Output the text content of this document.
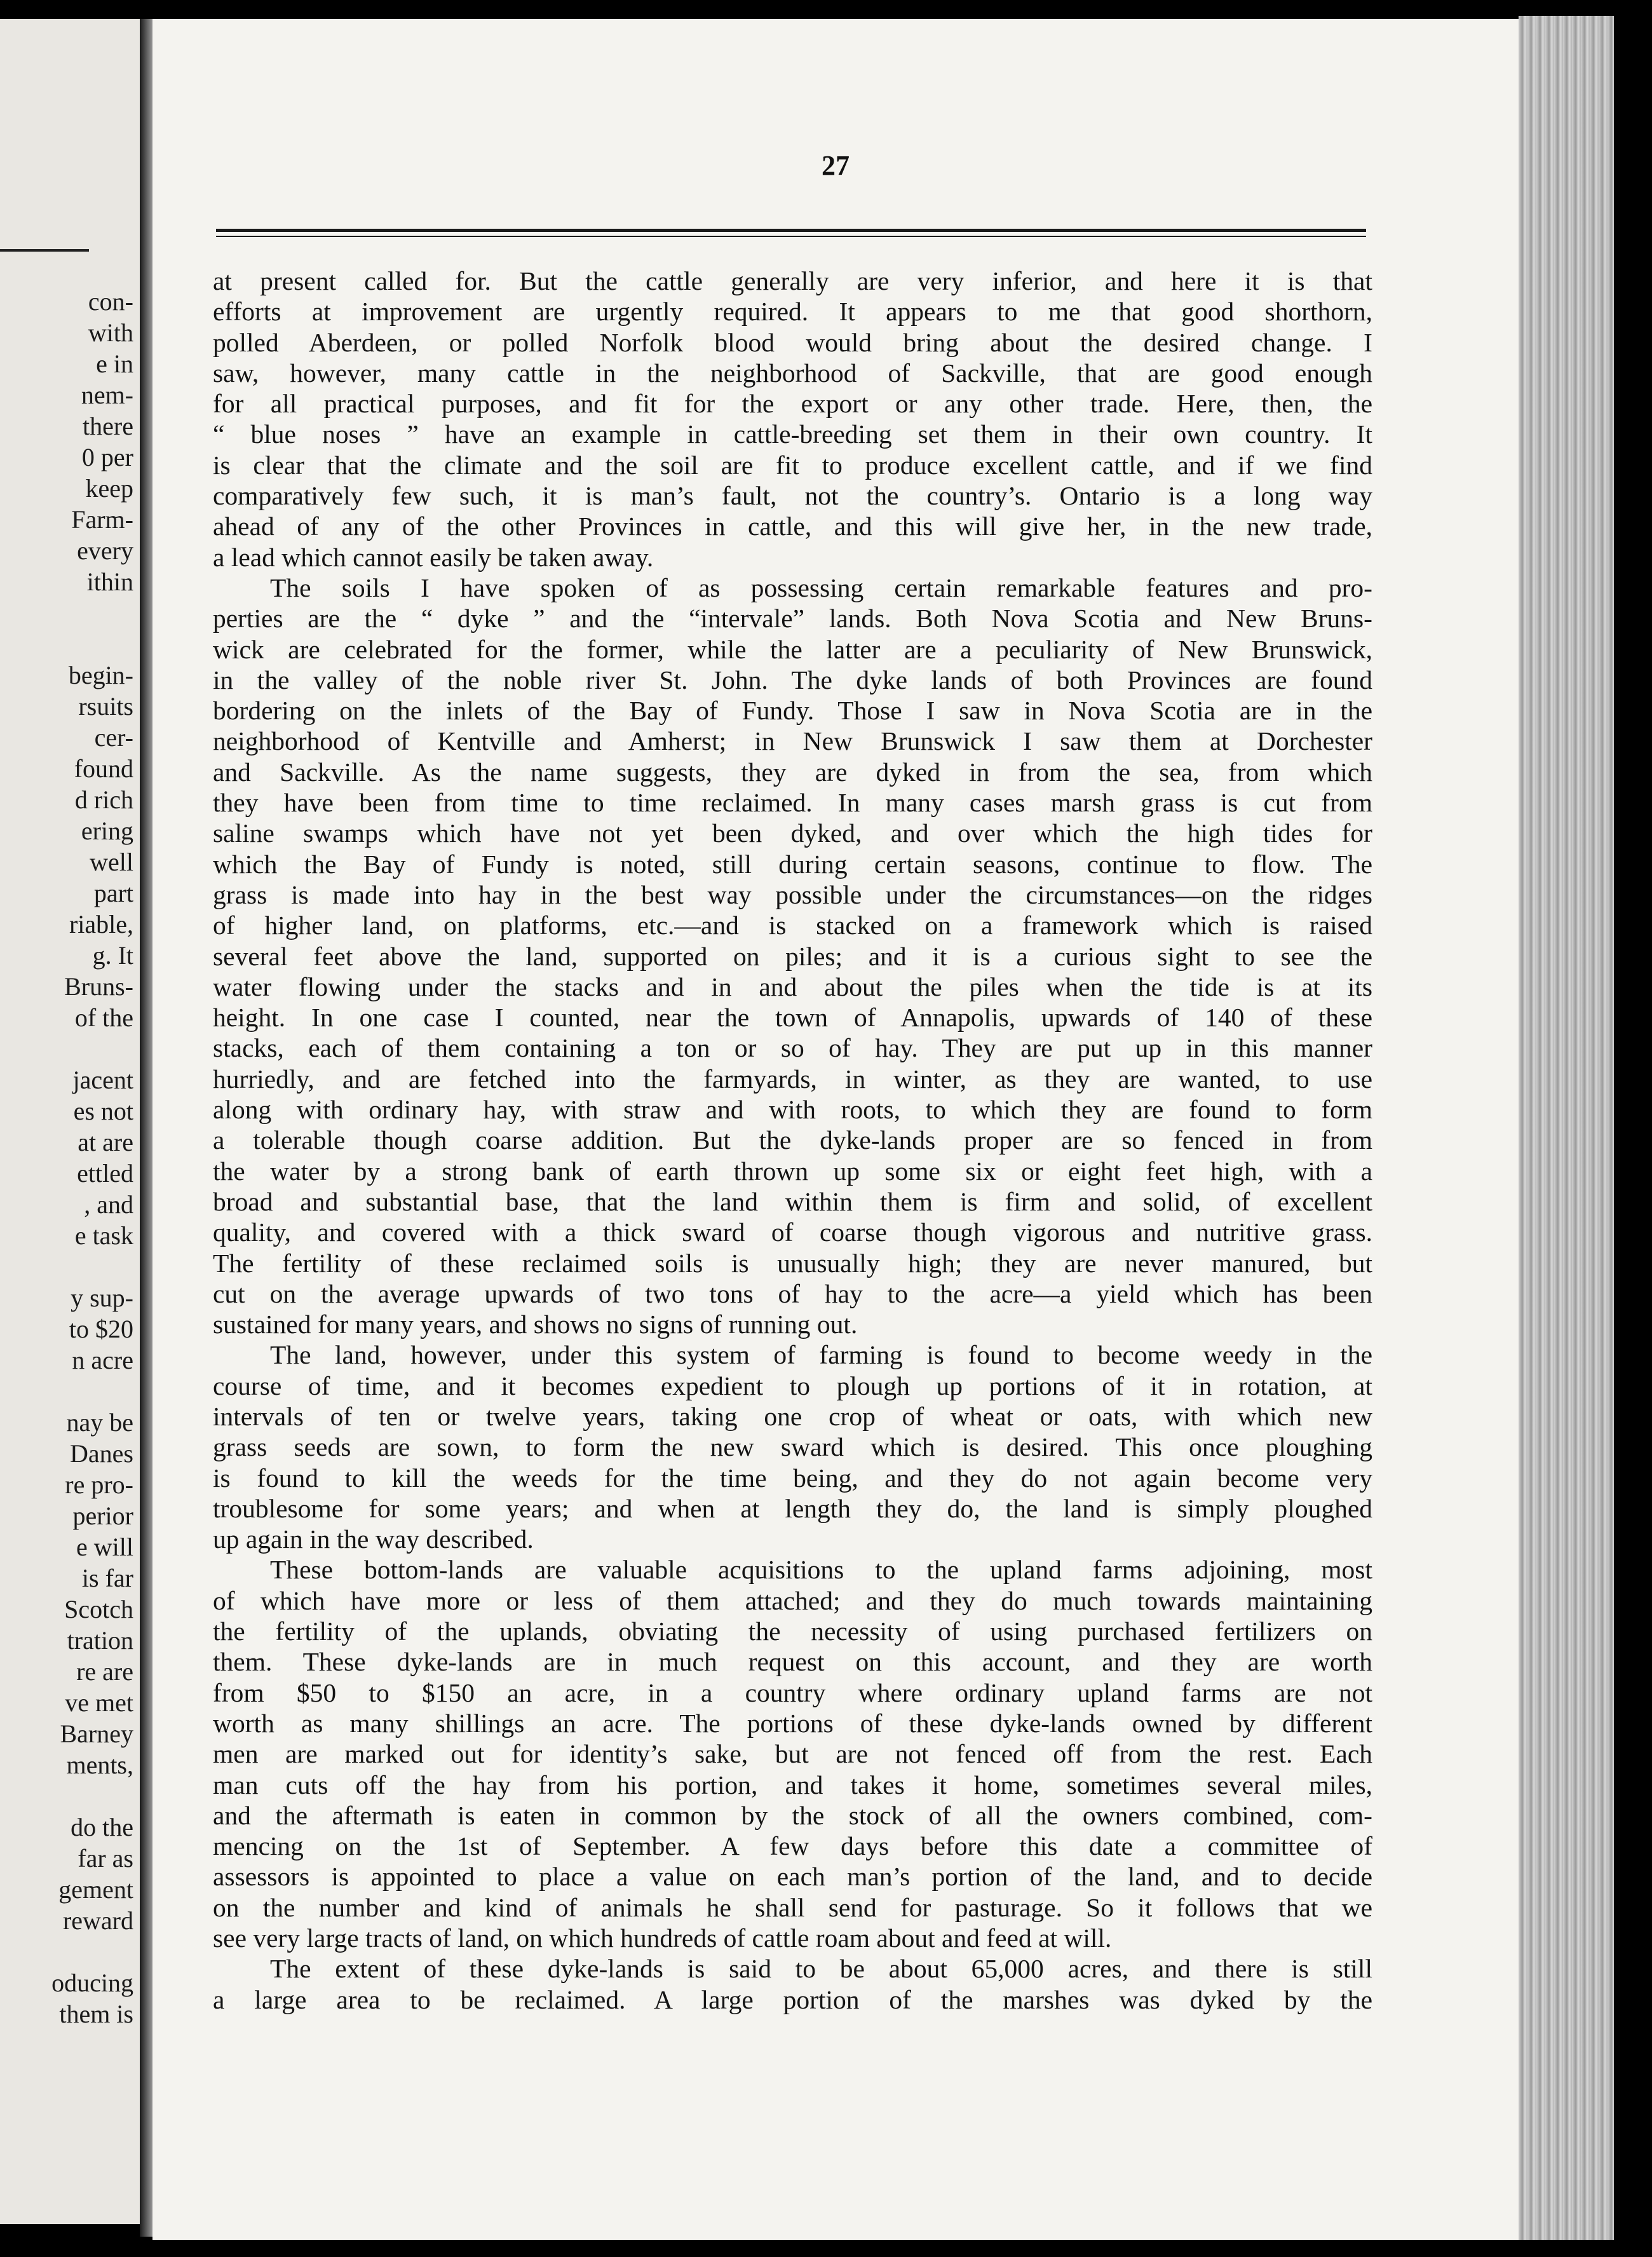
con-
with
e in
nem-
there
0 per
keep
Farm-
every
ithin
begin-
rsuits
cer-
found
d rich
ering
well
part
riable,
g. It
Bruns-
of the
jacent
es not
at are
ettled
, and
e task
y sup-
to $20
n acre
nay be
Danes
re pro-
perior
e will
is far
Scotch
tration
re are
ve met
Barney
ments,
do the
far as
gement
reward
oducing
them is
27
at present called for. But the cattle generally are very inferior, and here it is that
efforts at improvement are urgently required. It appears to me that good shorthorn,
polled Aberdeen, or polled Norfolk blood would bring about the desired change. I
saw, however, many cattle in the neighborhood of Sackville, that are good enough
for all practical purposes, and fit for the export or any other trade. Here, then, the
“ blue noses ” have an example in cattle-breeding set them in their own country. It
is clear that the climate and the soil are fit to produce excellent cattle, and if we find
comparatively few such, it is man’s fault, not the country’s. Ontario is a long way
ahead of any of the other Provinces in cattle, and this will give her, in the new trade,
a lead which cannot easily be taken away.
The soils I have spoken of as possessing certain remarkable features and pro-
perties are the “ dyke ” and the “intervale” lands. Both Nova Scotia and New Bruns-
wick are celebrated for the former, while the latter are a peculiarity of New Brunswick,
in the valley of the noble river St. John. The dyke lands of both Provinces are found
bordering on the inlets of the Bay of Fundy. Those I saw in Nova Scotia are in the
neighborhood of Kentville and Amherst; in New Brunswick I saw them at Dorchester
and Sackville. As the name suggests, they are dyked in from the sea, from which
they have been from time to time reclaimed. In many cases marsh grass is cut from
saline swamps which have not yet been dyked, and over which the high tides for
which the Bay of Fundy is noted, still during certain seasons, continue to flow. The
grass is made into hay in the best way possible under the circumstances—on the ridges
of higher land, on platforms, etc.—and is stacked on a framework which is raised
several feet above the land, supported on piles; and it is a curious sight to see the
water flowing under the stacks and in and about the piles when the tide is at its
height. In one case I counted, near the town of Annapolis, upwards of 140 of these
stacks, each of them containing a ton or so of hay. They are put up in this manner
hurriedly, and are fetched into the farmyards, in winter, as they are wanted, to use
along with ordinary hay, with straw and with roots, to which they are found to form
a tolerable though coarse addition. But the dyke-lands proper are so fenced in from
the water by a strong bank of earth thrown up some six or eight feet high, with a
broad and substantial base, that the land within them is firm and solid, of excellent
quality, and covered with a thick sward of coarse though vigorous and nutritive grass.
The fertility of these reclaimed soils is unusually high; they are never manured, but
cut on the average upwards of two tons of hay to the acre—a yield which has been
sustained for many years, and shows no signs of running out.
The land, however, under this system of farming is found to become weedy in the
course of time, and it becomes expedient to plough up portions of it in rotation, at
intervals of ten or twelve years, taking one crop of wheat or oats, with which new
grass seeds are sown, to form the new sward which is desired. This once ploughing
is found to kill the weeds for the time being, and they do not again become very
troublesome for some years; and when at length they do, the land is simply ploughed
up again in the way described.
These bottom-lands are valuable acquisitions to the upland farms adjoining, most
of which have more or less of them attached; and they do much towards maintaining
the fertility of the uplands, obviating the necessity of using purchased fertilizers on
them. These dyke-lands are in much request on this account, and they are worth
from $50 to $150 an acre, in a country where ordinary upland farms are not
worth as many shillings an acre. The portions of these dyke-lands owned by different
men are marked out for identity’s sake, but are not fenced off from the rest. Each
man cuts off the hay from his portion, and takes it home, sometimes several miles,
and the aftermath is eaten in common by the stock of all the owners combined, com-
mencing on the 1st of September. A few days before this date a committee of
assessors is appointed to place a value on each man’s portion of the land, and to decide
on the number and kind of animals he shall send for pasturage. So it follows that we
see very large tracts of land, on which hundreds of cattle roam about and feed at will.
The extent of these dyke-lands is said to be about 65,000 acres, and there is still
a large area to be reclaimed. A large portion of the marshes was dyked by the
